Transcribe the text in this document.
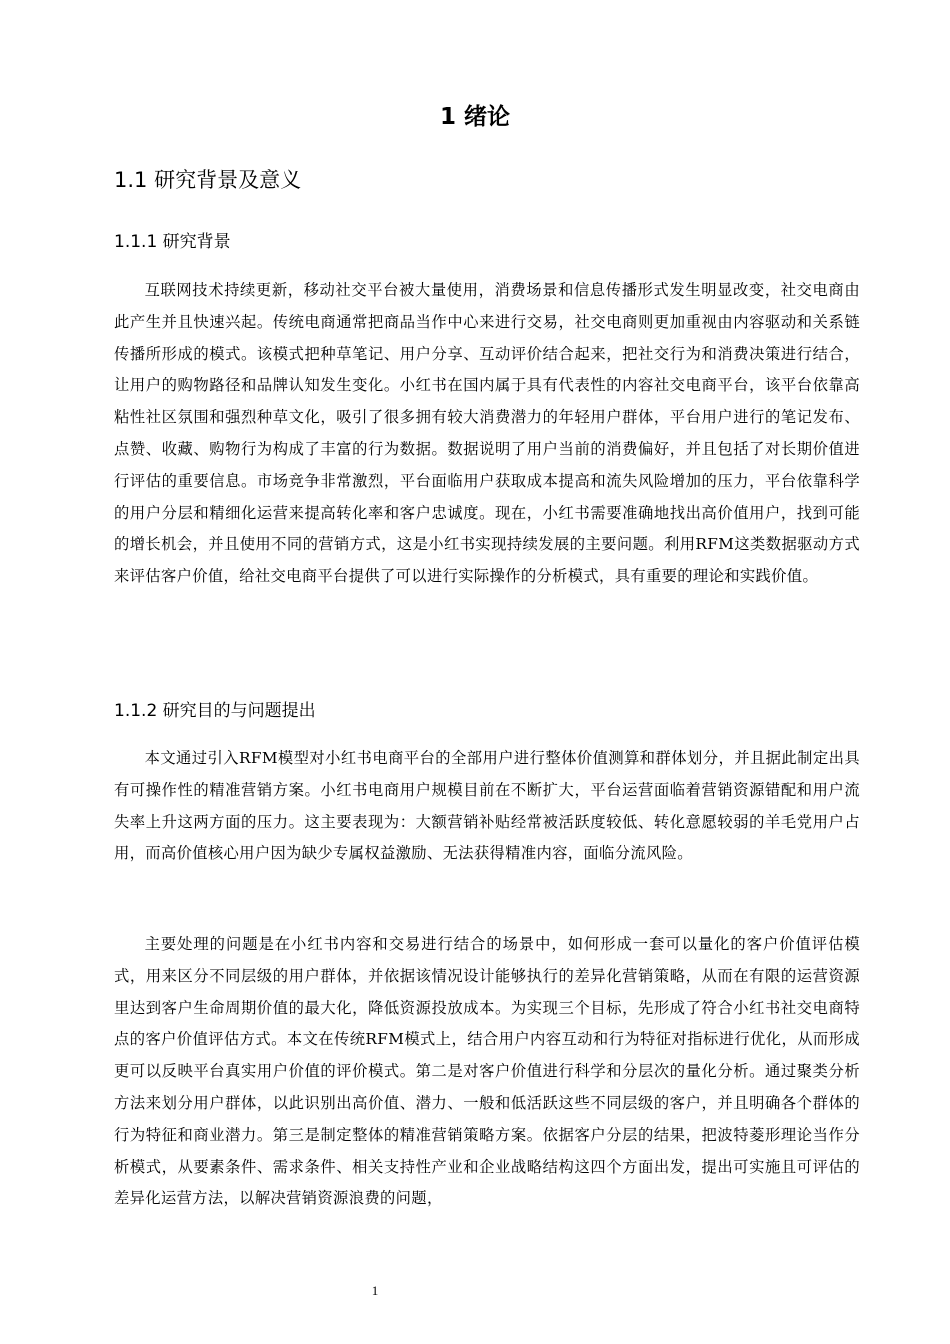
1 绪论
1.1 研究背景及意义
1.1.1 研究背景

互联网技术持续更新，移动社交平台被大量使用，消费场景和信息传播形式发生明显改变，社交电商由此产生并且快速兴起。传统电商通常把商品当作中心来进行交易，社交电商则更加重视由内容驱动和关系链传播所形成的模式。该模式把种草笔记、用户分享、互动评价结合起来，把社交行为和消费决策进行结合，让用户的购物路径和品牌认知发生变化。小红书在国内属于具有代表性的内容社交电商平台，该平台依靠高粘性社区氛围和强烈种草文化，吸引了很多拥有较大消费潜力的年轻用户群体，平台用户进行的笔记发布、点赞、收藏、购物行为构成了丰富的行为数据。数据说明了用户当前的消费偏好，并且包括了对长期价值进行评估的重要信息。市场竞争非常激烈，平台面临用户获取成本提高和流失风险增加的压力，平台依靠科学的用户分层和精细化运营来提高转化率和客户忠诚度。现在，小红书需要准确地找出高价值用户，找到可能的增长机会，并且使用不同的营销方式，这是小红书实现持续发展的主要问题。利用RFM这类数据驱动方式来评估客户价值，给社交电商平台提供了可以进行实际操作的分析模式，具有重要的理论和实践价值。

1.1.2 研究目的与问题提出

本文通过引入RFM模型对小红书电商平台的全部用户进行整体价值测算和群体划分，并且据此制定出具有可操作性的精准营销方案。小红书电商用户规模目前在不断扩大，平台运营面临着营销资源错配和用户流失率上升这两方面的压力。这主要表现为：大额营销补贴经常被活跃度较低、转化意愿较弱的羊毛党用户占用，而高价值核心用户因为缺少专属权益激励、无法获得精准内容，面临分流风险。

主要处理的问题是在小红书内容和交易进行结合的场景中，如何形成一套可以量化的客户价值评估模式，用来区分不同层级的用户群体，并依据该情况设计能够执行的差异化营销策略，从而在有限的运营资源里达到客户生命周期价值的最大化，降低资源投放成本。为实现三个目标，先形成了符合小红书社交电商特点的客户价值评估方式。本文在传统RFM模式上，结合用户内容互动和行为特征对指标进行优化，从而形成更可以反映平台真实用户价值的评价模式。第二是对客户价值进行科学和分层次的量化分析。通过聚类分析方法来划分用户群体，以此识别出高价值、潜力、一般和低活跃这些不同层级的客户，并且明确各个群体的行为特征和商业潜力。第三是制定整体的精准营销策略方案。依据客户分层的结果，把波特菱形理论当作分析模式，从要素条件、需求条件、相关支持性产业和企业战略结构这四个方面出发，提出可实施且可评估的差异化运营方法，以解决营销资源浪费的问题，

1
